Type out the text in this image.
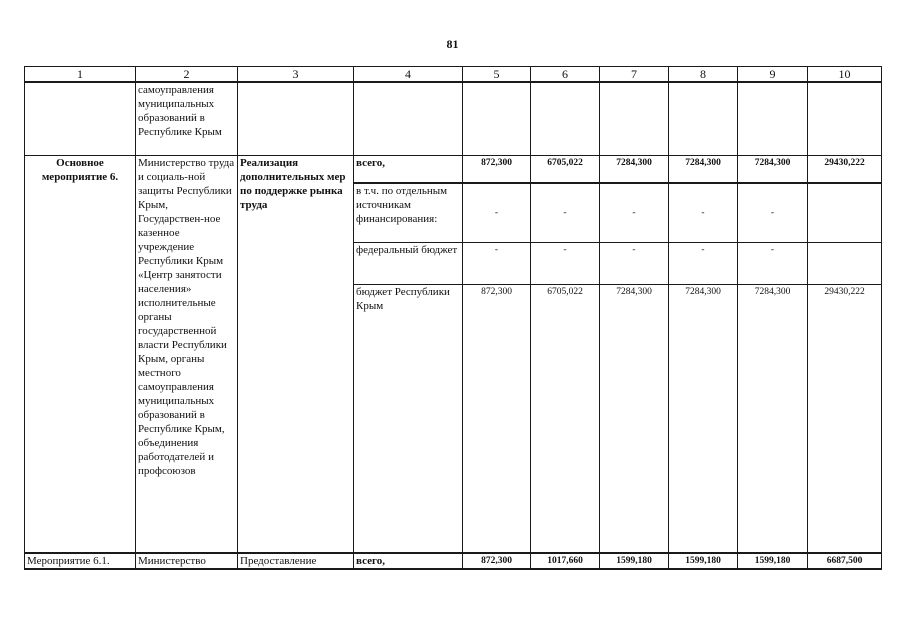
81
1	2	3	4	5	6	7	8	9	10
	самоуправления муниципальных образований в Республике Крым								
Основное мероприятие 6.	Министерство труда и социаль-ной защиты Республики Крым, Государствен-ное казенное учреждение Республики Крым «Центр занятости населения» исполнительные органы государственной власти Республики Крым, органы местного самоуправления муниципальных образований в Республике Крым, объединения работодателей и профсоюзов	Реализация дополнительных мер по поддержке рынка труда	всего,	872,300	6705,022	7284,300	7284,300	7284,300	29430,222
			в т.ч. по отдельным источникам финансирования:	-	-	-	-	-	
			федеральный бюджет	-	-	-	-	-	
			бюджет Республики Крым	872,300	6705,022	7284,300	7284,300	7284,300	29430,222
Мероприятие 6.1.	Министерство	Предоставление	всего,	872,300	1017,660	1599,180	1599,180	1599,180	6687,500
